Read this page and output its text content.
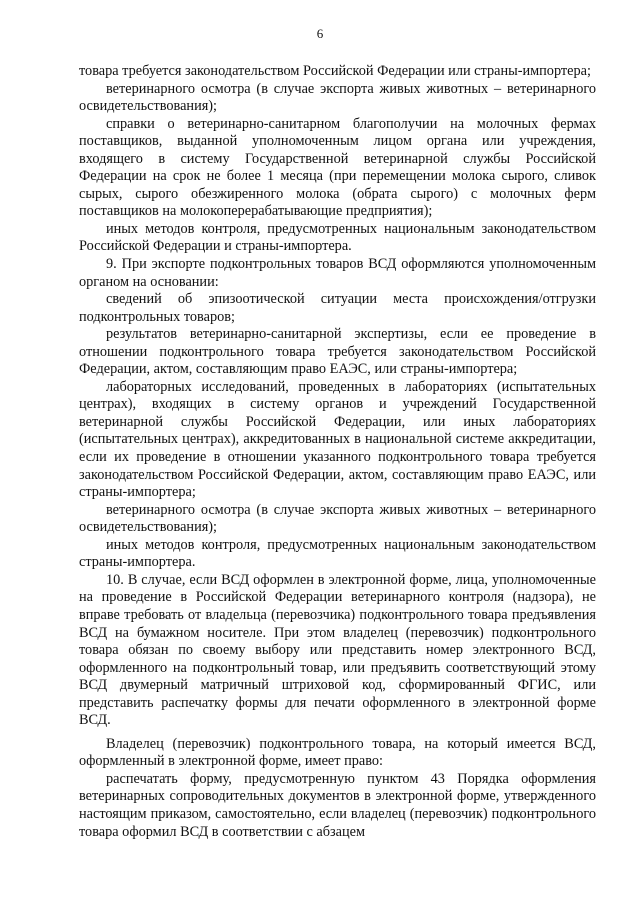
6

товара требуется законодательством Российской Федерации или страны-импортера;

ветеринарного осмотра (в случае экспорта живых животных – ветеринарного освидетельствования);

справки о ветеринарно-санитарном благополучии на молочных фермах поставщиков, выданной уполномоченным лицом органа или учреждения, входящего в систему Государственной ветеринарной службы Российской Федерации на срок не более 1 месяца (при перемещении молока сырого, сливок сырых, сырого обезжиренного молока (обрата сырого) с молочных ферм поставщиков на молокоперерабатывающие предприятия);

иных методов контроля, предусмотренных национальным законодательством Российской Федерации и страны-импортера.

9. При экспорте подконтрольных товаров ВСД оформляются уполномоченным органом на основании:

сведений об эпизоотической ситуации места происхождения/отгрузки подконтрольных товаров;

результатов ветеринарно-санитарной экспертизы, если ее проведение в отношении подконтрольного товара требуется законодательством Российской Федерации, актом, составляющим право ЕАЭС, или страны-импортера;

лабораторных исследований, проведенных в лабораториях (испытательных центрах), входящих в систему органов и учреждений Государственной ветеринарной службы Российской Федерации, или иных лабораториях (испытательных центрах), аккредитованных в национальной системе аккредитации, если их проведение в отношении указанного подконтрольного товара требуется законодательством Российской Федерации, актом, составляющим право ЕАЭС, или страны-импортера;

ветеринарного осмотра (в случае экспорта живых животных – ветеринарного освидетельствования);

иных методов контроля, предусмотренных национальным законодательством страны-импортера.

10. В случае, если ВСД оформлен в электронной форме, лица, уполномоченные на проведение в Российской Федерации ветеринарного контроля (надзора), не вправе требовать от владельца (перевозчика) подконтрольного товара предъявления ВСД на бумажном носителе. При этом владелец (перевозчик) подконтрольного товара обязан по своему выбору или представить номер электронного ВСД, оформленного на подконтрольный товар, или предъявить соответствующий этому ВСД двумерный матричный штриховой код, сформированный ФГИС, или представить распечатку формы для печати оформленного в электронной форме ВСД.

Владелец (перевозчик) подконтрольного товара, на который имеется ВСД, оформленный в электронной форме, имеет право:

распечатать форму, предусмотренную пунктом 43 Порядка оформления ветеринарных сопроводительных документов в электронной форме, утвержденного настоящим приказом, самостоятельно, если владелец (перевозчик) подконтрольного товара оформил ВСД в соответствии с абзацем
